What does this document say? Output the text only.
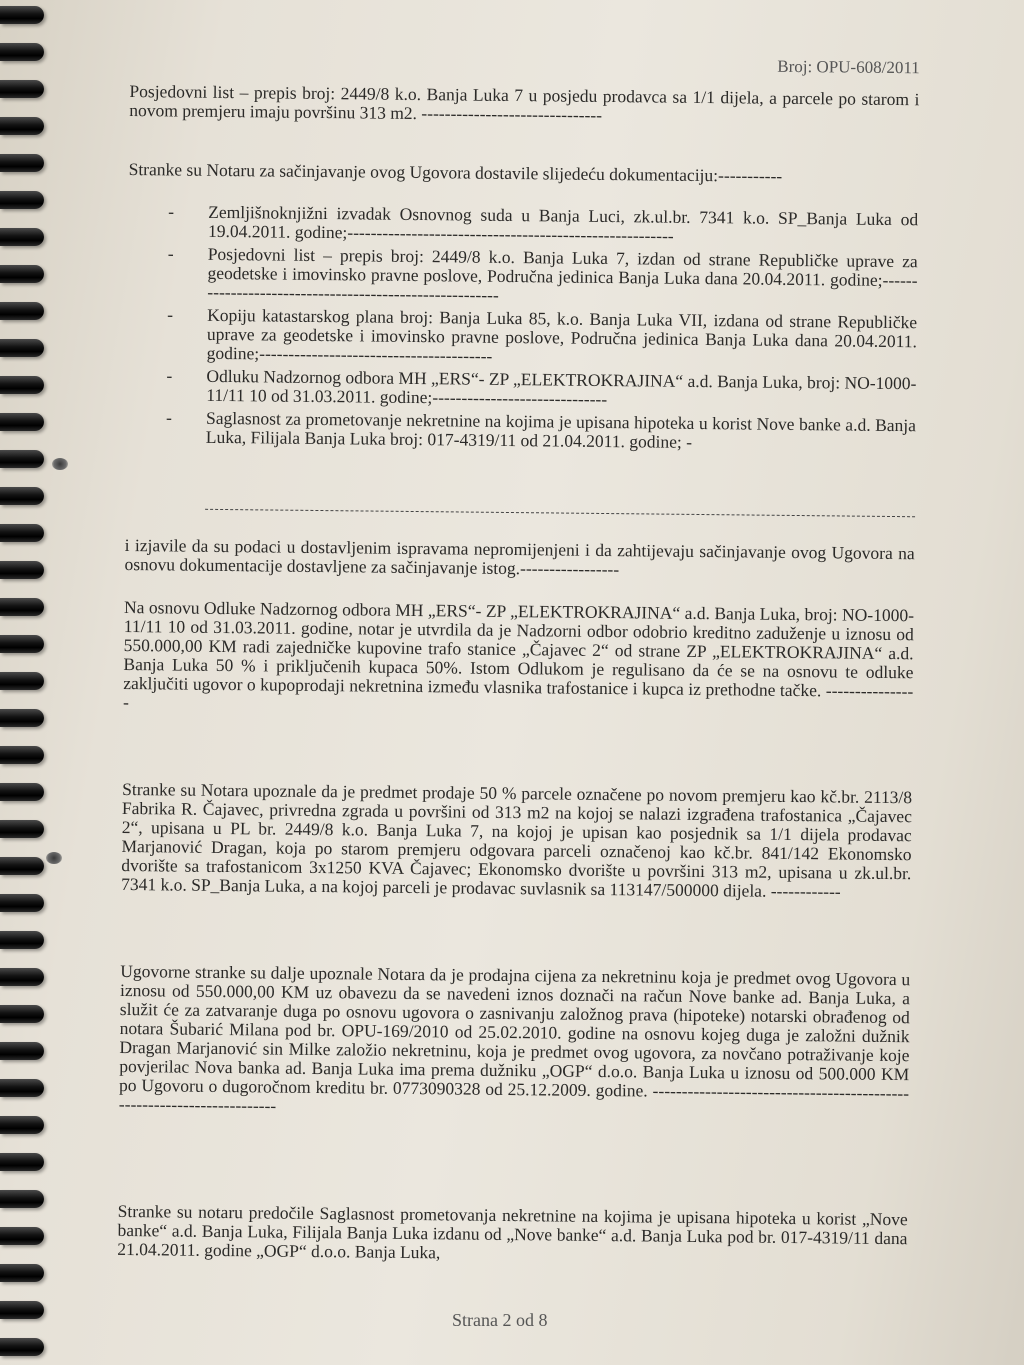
Broj: OPU-608/2011

Posjedovni list – prepis broj: 2449/8 k.o. Banja Luka 7 u posjedu prodavca sa 1/1 dijela, a parcele po starom i novom premjeru imaju površinu 313 m2. -------------------------------

Stranke su Notaru za sačinjavanje ovog Ugovora dostavile slijedeću dokumentaciju:-----------

- Zemljišnoknjižni izvadak Osnovnog suda u Banja Luci, zk.ul.br. 7341 k.o. SP_Banja Luka od 19.04.2011. godine;--------------------------------------------------------
- Posjedovni list – prepis broj: 2449/8 k.o. Banja Luka 7, izdan od strane Republičke uprave za geodetske i imovinsko pravne poslove, Područna jedinica Banja Luka dana 20.04.2011. godine;--------------------------------------------------------
- Kopiju katastarskog plana broj: Banja Luka 85, k.o. Banja Luka VII, izdana od strane Republičke uprave za geodetske i imovinsko pravne poslove, Područna jedinica Banja Luka dana 20.04.2011. godine;----------------------------------------
- Odluku Nadzornog odbora MH „ERS“- ZP „ELEKTROKRAJINA“ a.d. Banja Luka, broj: NO-1000-11/11 10 od 31.03.2011. godine;------------------------------
- Saglasnost za prometovanje nekretnine na kojima je upisana hipoteka u korist Nove banke a.d. Banja Luka, Filijala Banja Luka broj: 017-4319/11 od 21.04.2011. godine; -

i izjavile da su podaci u dostavljenim ispravama nepromijenjeni i da zahtijevaju sačinjavanje ovog Ugovora na osnovu dokumentacije dostavljene za sačinjavanje istog.-----------------

Na osnovu Odluke Nadzornog odbora MH „ERS“- ZP „ELEKTROKRAJINA“ a.d. Banja Luka, broj: NO-1000-11/11 10 od 31.03.2011. godine, notar je utvrdila da je Nadzorni odbor odobrio kreditno zaduženje u iznosu od 550.000,00 KM radi zajedničke kupovine trafo stanice „Čajavec 2“ od strane ZP „ELEKTROKRAJINA“ a.d. Banja Luka 50 % i priključenih kupaca 50%. Istom Odlukom je regulisano da će se na osnovu te odluke zaključiti ugovor o kupoprodaji nekretnina između vlasnika trafostanice i kupca iz prethodne tačke. ----------------

Stranke su Notara upoznale da je predmet prodaje 50 % parcele označene po novom premjeru kao kč.br. 2113/8 Fabrika R. Čajavec, privredna zgrada u površini od 313 m2 na kojoj se nalazi izgrađena trafostanica „Čajavec 2“, upisana u PL br. 2449/8 k.o. Banja Luka 7, na kojoj je upisan kao posjednik sa 1/1 dijela prodavac Marjanović Dragan, koja po starom premjeru odgovara parceli označenoj kao kč.br. 841/142 Ekonomsko dvorište sa trafostanicom 3x1250 KVA Čajavec; Ekonomsko dvorište u površini 313 m2, upisana u zk.ul.br. 7341 k.o. SP_Banja Luka, a na kojoj parceli je prodavac suvlasnik sa 113147/500000 dijela. ------------

Ugovorne stranke su dalje upoznale Notara da je prodajna cijena za nekretninu koja je predmet ovog Ugovora u iznosu od 550.000,00 KM uz obavezu da se navedeni iznos doznači na račun Nove banke ad. Banja Luka, a služit će za zatvaranje duga po osnovu ugovora o zasnivanju založnog prava (hipoteke) notarski obrađenog od notara Šubarić Milana pod br. OPU-169/2010 od 25.02.2010. godine na osnovu kojeg duga je založni dužnik Dragan Marjanović sin Milke založio nekretninu, koja je predmet ovog ugovora, za novčano potraživanje koje povjerilac Nova banka ad. Banja Luka ima prema dužniku „OGP“ d.o.o. Banja Luka u iznosu od 500.000 KM po Ugovoru o dugoročnom kreditu br. 0773090328 od 25.12.2009. godine. -----------------------------------------------------------------------

Stranke su notaru predočile Saglasnost prometovanja nekretnine na kojima je upisana hipoteka u korist „Nove banke“ a.d. Banja Luka, Filijala Banja Luka izdanu od „Nove banke“ a.d. Banja Luka pod br. 017-4319/11 dana 21.04.2011. godine „OGP“ d.o.o. Banja Luka,

Strana 2 od 8
